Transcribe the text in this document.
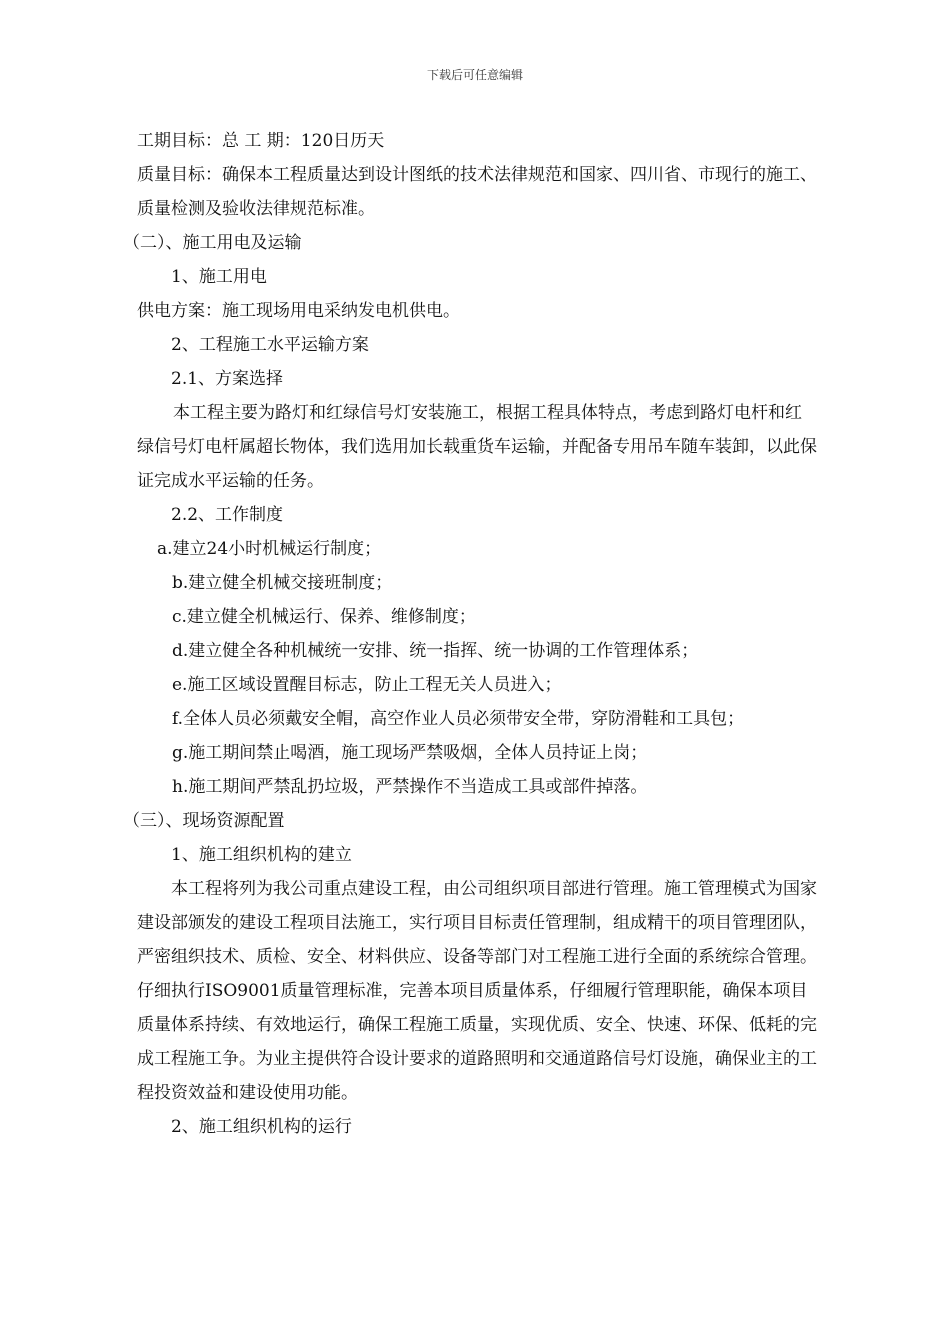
下载后可任意编辑

工期目标：总 工 期：120日历天

质量目标：确保本工程质量达到设计图纸的技术法律规范和国家、四川省、市现行的施工、质量检测及验收法律规范标准。

（二）、施工用电及运输

1、施工用电

供电方案：施工现场用电采纳发电机供电。

2、工程施工水平运输方案

2.1、方案选择

本工程主要为路灯和红绿信号灯安装施工，根据工程具体特点，考虑到路灯电杆和红绿信号灯电杆属超长物体，我们选用加长载重货车运输，并配备专用吊车随车装卸，以此保证完成水平运输的任务。

2.2、工作制度

a.建立24小时机械运行制度；

b.建立健全机械交接班制度；

c.建立健全机械运行、保养、维修制度；

d.建立健全各种机械统一安排、统一指挥、统一协调的工作管理体系；

e.施工区域设置醒目标志，防止工程无关人员进入；

f.全体人员必须戴安全帽，高空作业人员必须带安全带，穿防滑鞋和工具包；

g.施工期间禁止喝酒，施工现场严禁吸烟，全体人员持证上岗；

h.施工期间严禁乱扔垃圾，严禁操作不当造成工具或部件掉落。

（三）、现场资源配置

1、施工组织机构的建立

本工程将列为我公司重点建设工程，由公司组织项目部进行管理。施工管理模式为国家建设部颁发的建设工程项目法施工，实行项目目标责任管理制，组成精干的项目管理团队，严密组织技术、质检、安全、材料供应、设备等部门对工程施工进行全面的系统综合管理。仔细执行ISO9001质量管理标准，完善本项目质量体系，仔细履行管理职能，确保本项目质量体系持续、有效地运行，确保工程施工质量，实现优质、安全、快速、环保、低耗的完成工程施工争。为业主提供符合设计要求的道路照明和交通道路信号灯设施，确保业主的工程投资效益和建设使用功能。

2、施工组织机构的运行
